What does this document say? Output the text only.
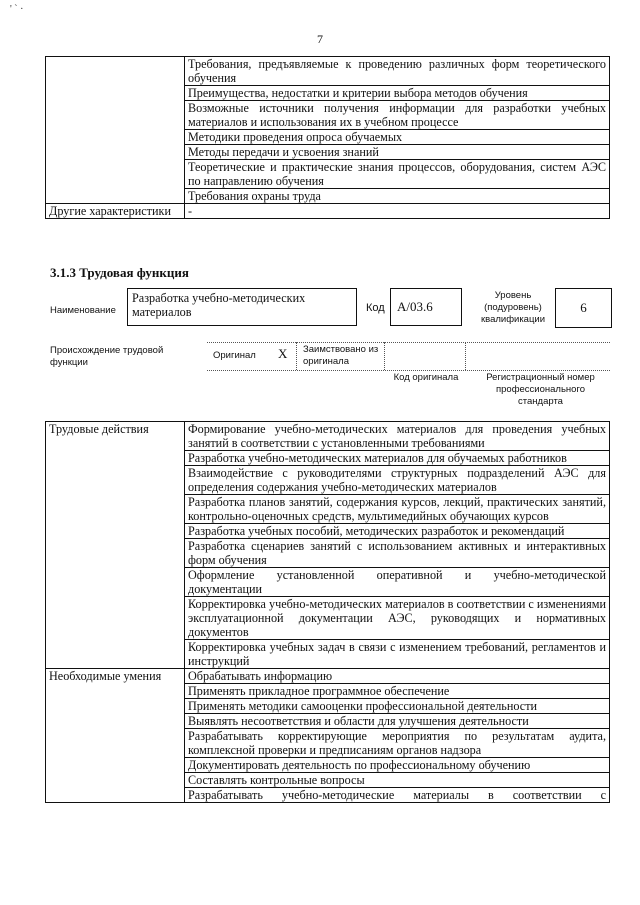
' ` ·
7
	Требования, предъявляемые к проведению различных форм теоретического обучения
	Преимущества, недостатки и критерии выбора методов обучения
	Возможные источники получения информации для разработки учебных материалов и использования их в учебном процессе
	Методики проведения опроса обучаемых
	Методы передачи и усвоения знаний
	Теоретические и практические знания процессов, оборудования, систем АЭС по направлению обучения
	Требования охраны труда
Другие характеристики	-
3.1.3 Трудовая функция
Наименование
Разработка учебно-методических материалов	Код А/03.6
Уровень (подуровень) квалификации
6
Происхождение трудовой функции
Оригинал X Заимствовано из оригинала
Код оригинала	Регистрационный номер профессионального стандарта
Трудовые действия	Формирование учебно-методических материалов для проведения учебных занятий в соответствии с установленными требованиями
	Разработка учебно-методических материалов для обучаемых работников
	Взаимодействие с руководителями структурных подразделений АЭС для определения содержания учебно-методических материалов
	Разработка планов занятий, содержания курсов, лекций, практических занятий, контрольно-оценочных средств, мультимедийных обучающих курсов
	Разработка учебных пособий, методических разработок и рекомендаций
	Разработка сценариев занятий с использованием активных и интерактивных форм обучения
	Оформление установленной оперативной и учебно-методической документации
	Корректировка учебно-методических материалов в соответствии с изменениями эксплуатационной документации АЭС, руководящих и нормативных документов
	Корректировка учебных задач в связи с изменением требований, регламентов и инструкций
Необходимые умения	Обрабатывать информацию
	Применять прикладное программное обеспечение
	Применять методики самооценки профессиональной деятельности
	Выявлять несоответствия и области для улучшения деятельности
	Разрабатывать корректирующие мероприятия по результатам аудита, комплексной проверки и предписаниям органов надзора
	Документировать деятельность по профессиональному обучению
	Составлять контрольные вопросы
	Разрабатывать учебно-методические материалы в соответствии с
